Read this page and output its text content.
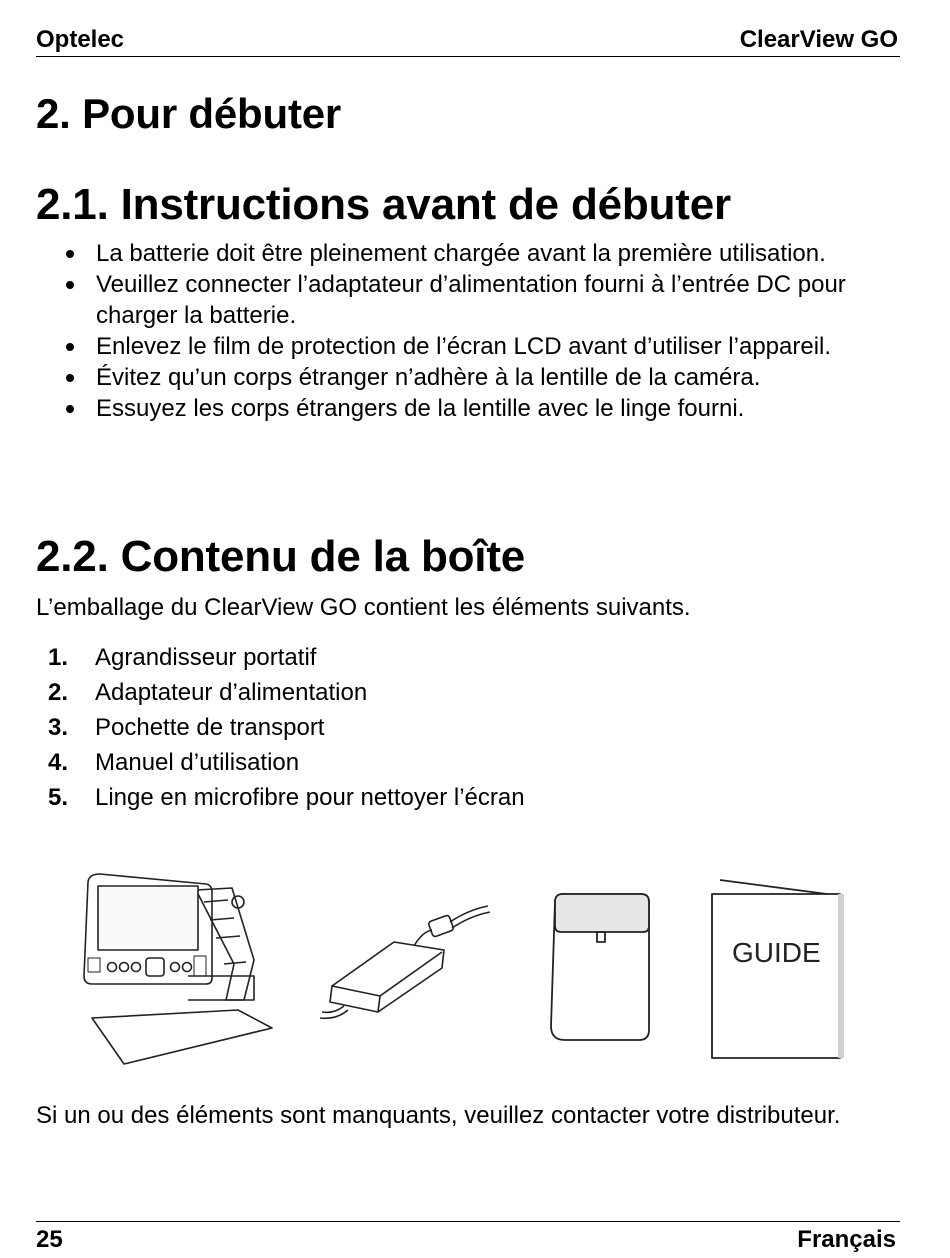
Optelec	ClearView GO
2. Pour débuter
2.1. Instructions avant de débuter
La batterie doit être pleinement chargée avant la première utilisation.
Veuillez connecter l’adaptateur d’alimentation fourni à l’entrée DC pour charger la batterie.
Enlevez le film de protection de l’écran LCD avant d’utiliser l’appareil.
Évitez qu’un corps étranger n’adhère à la lentille de la caméra.
Essuyez les corps étrangers de la lentille avec le linge fourni.
2.2. Contenu de la boîte

L’emballage du ClearView GO contient les éléments suivants.

1. Agrandisseur portatif
2. Adaptateur d’alimentation
3. Pochette de transport
4. Manuel d’utilisation
5. Linge en microfibre pour nettoyer l’écran
GUIDE

Si un ou des éléments sont manquants, veuillez contacter votre distributeur.

25	Français
